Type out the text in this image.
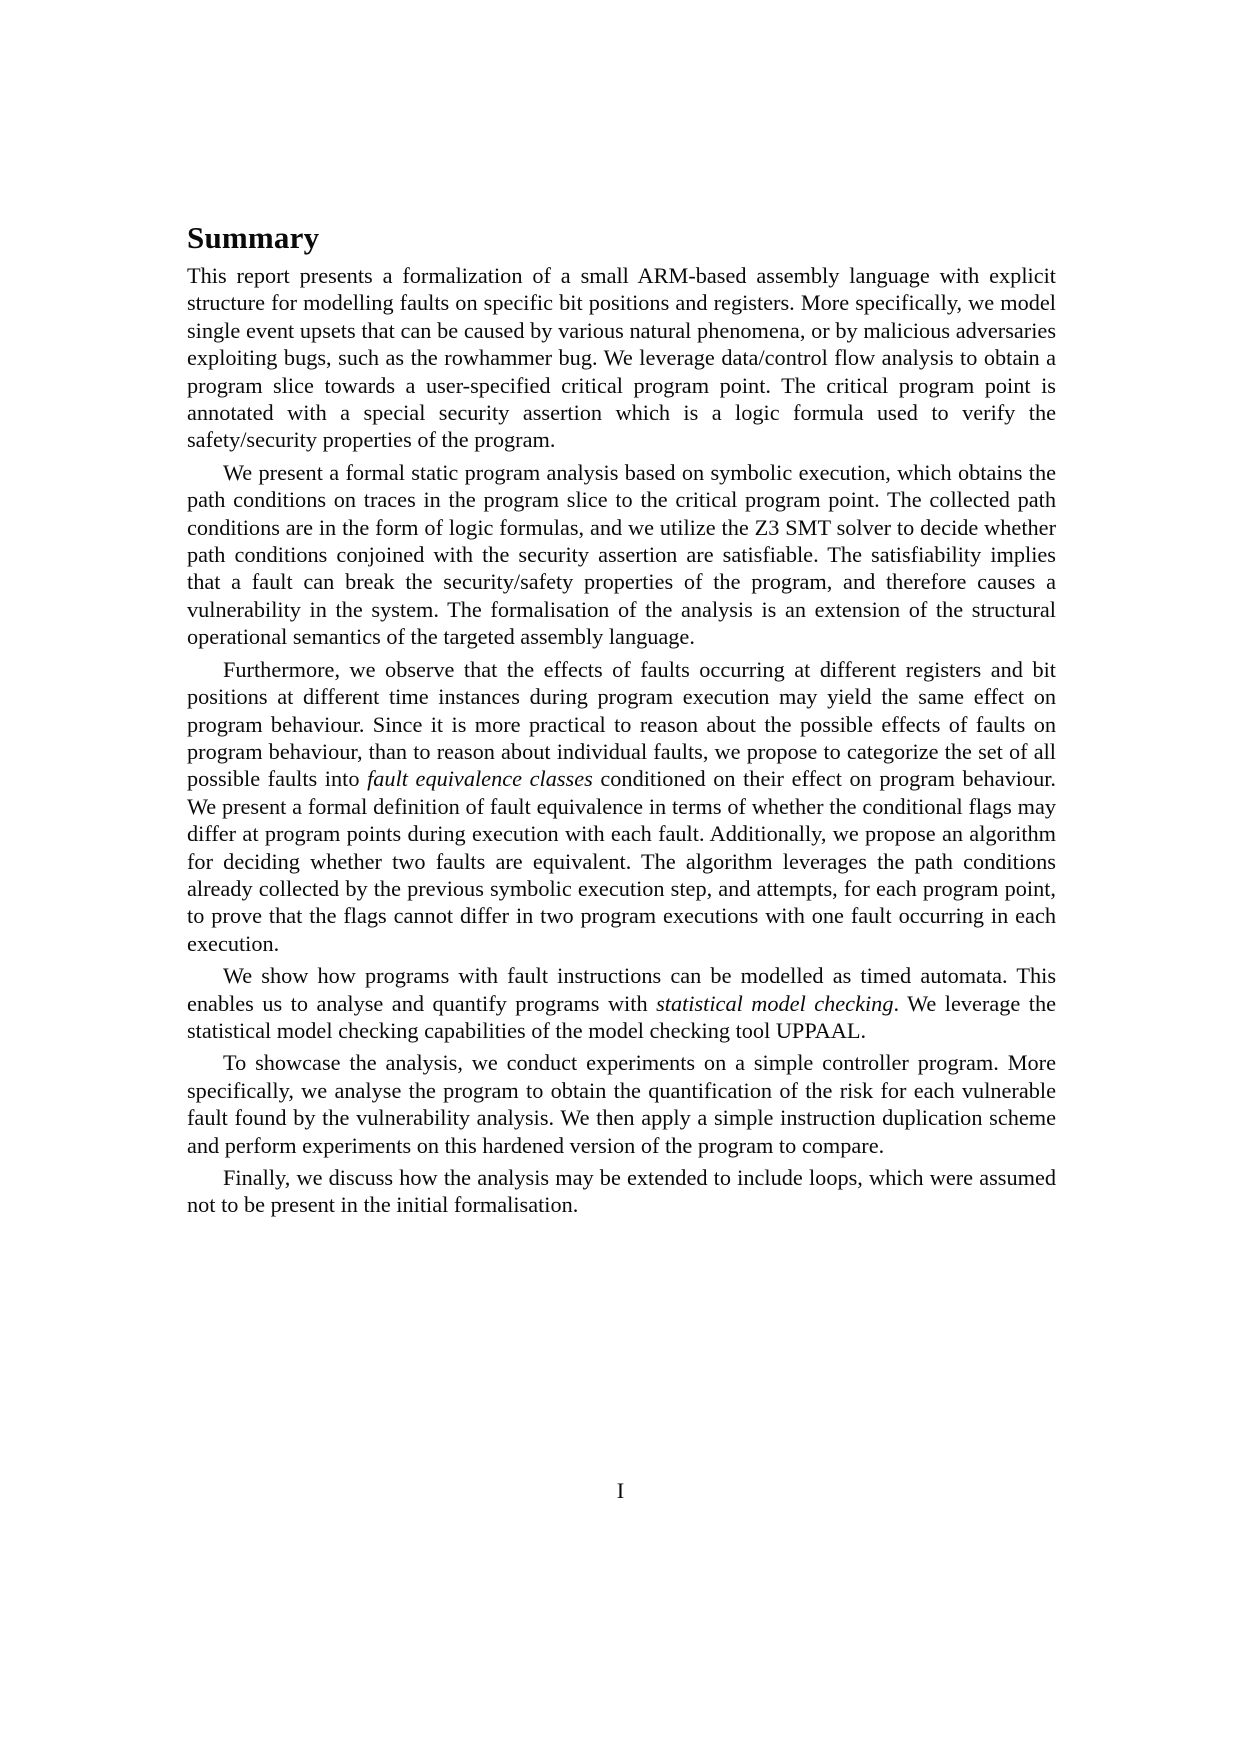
Summary

This report presents a formalization of a small ARM-based assembly language with explicit structure for modelling faults on specific bit positions and registers. More specifically, we model single event upsets that can be caused by various natural phenomena, or by malicious adversaries exploiting bugs, such as the rowhammer bug. We leverage data/control flow analysis to obtain a program slice towards a user-specified critical program point. The critical program point is annotated with a special security assertion which is a logic formula used to verify the safety/security properties of the program.

We present a formal static program analysis based on symbolic execution, which obtains the path conditions on traces in the program slice to the critical program point. The collected path conditions are in the form of logic formulas, and we utilize the Z3 SMT solver to decide whether path conditions conjoined with the security assertion are satisfiable. The satisfiability implies that a fault can break the security/safety properties of the program, and therefore causes a vulnerability in the system. The formalisation of the analysis is an extension of the structural operational semantics of the targeted assembly language.

Furthermore, we observe that the effects of faults occurring at different registers and bit positions at different time instances during program execution may yield the same effect on program behaviour. Since it is more practical to reason about the possible effects of faults on program behaviour, than to reason about individual faults, we propose to categorize the set of all possible faults into fault equivalence classes conditioned on their effect on program behaviour. We present a formal definition of fault equivalence in terms of whether the conditional flags may differ at program points during execution with each fault. Additionally, we propose an algorithm for deciding whether two faults are equivalent. The algorithm leverages the path conditions already collected by the previous symbolic execution step, and attempts, for each program point, to prove that the flags cannot differ in two program executions with one fault occurring in each execution.

We show how programs with fault instructions can be modelled as timed automata. This enables us to analyse and quantify programs with statistical model checking. We leverage the statistical model checking capabilities of the model checking tool UPPAAL.

To showcase the analysis, we conduct experiments on a simple controller program. More specifically, we analyse the program to obtain the quantification of the risk for each vulnerable fault found by the vulnerability analysis. We then apply a simple instruction duplication scheme and perform experiments on this hardened version of the program to compare.

Finally, we discuss how the analysis may be extended to include loops, which were assumed not to be present in the initial formalisation.

I
